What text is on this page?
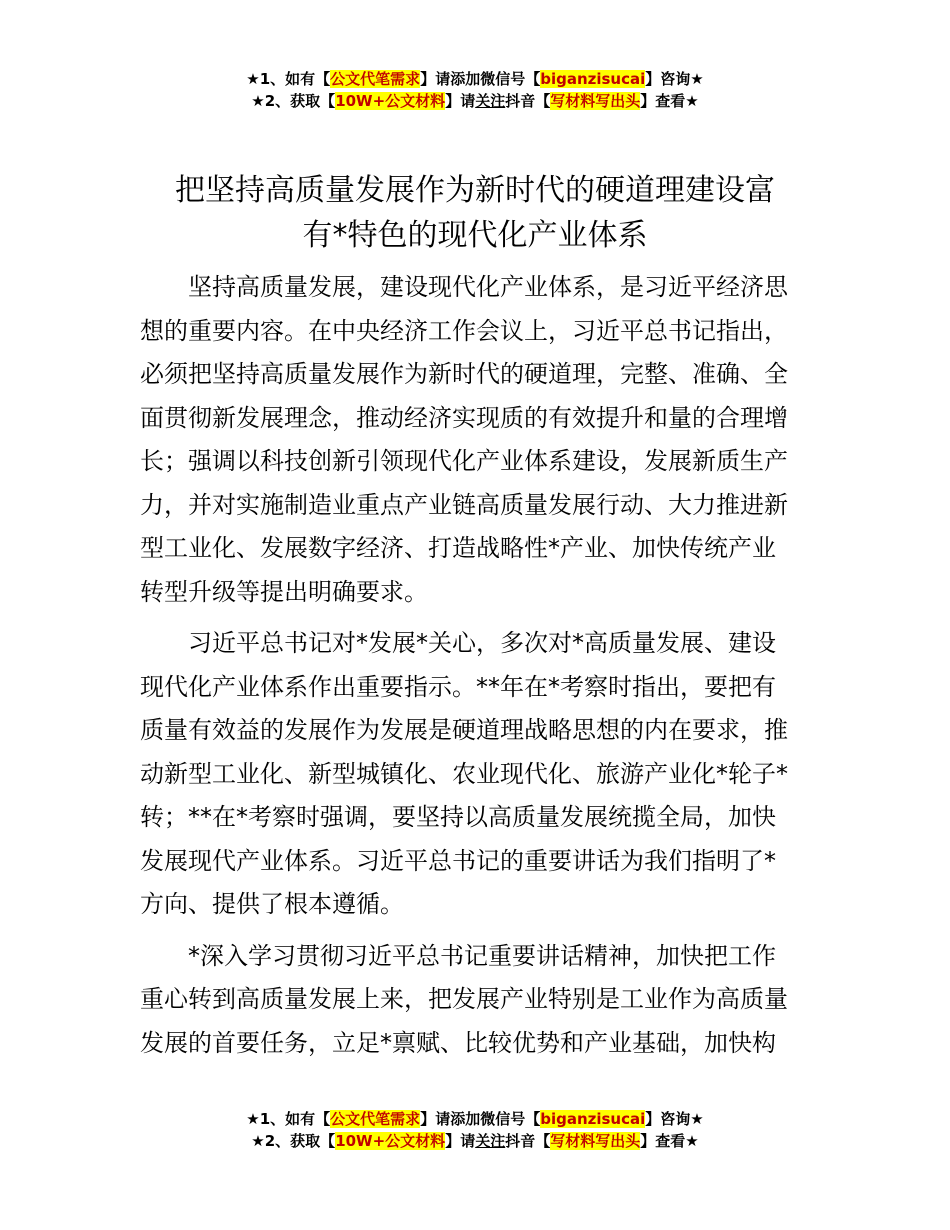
★1、如有【公文代笔需求】请添加微信号【biganzisucai】咨询★
★2、获取【10W+公文材料】请关注抖音【写材料写出头】查看★
把坚持高质量发展作为新时代的硬道理建设富
有*特色的现代化产业体系

坚持高质量发展，建设现代化产业体系，是习近平经济思
想的重要内容。在中央经济工作会议上，习近平总书记指出，
必须把坚持高质量发展作为新时代的硬道理，完整、准确、全
面贯彻新发展理念，推动经济实现质的有效提升和量的合理增
长；强调以科技创新引领现代化产业体系建设，发展新质生产
力，并对实施制造业重点产业链高质量发展行动、大力推进新
型工业化、发展数字经济、打造战略性*产业、加快传统产业
转型升级等提出明确要求。

习近平总书记对*发展*关心，多次对*高质量发展、建设
现代化产业体系作出重要指示。**年在*考察时指出，要把有
质量有效益的发展作为发展是硬道理战略思想的内在要求，推
动新型工业化、新型城镇化、农业现代化、旅游产业化*轮子*
转；**在*考察时强调，要坚持以高质量发展统揽全局，加快
发展现代产业体系。习近平总书记的重要讲话为我们指明了*
方向、提供了根本遵循。

*深入学习贯彻习近平总书记重要讲话精神，加快把工作
重心转到高质量发展上来，把发展产业特别是工业作为高质量
发展的首要任务，立足*禀赋、比较优势和产业基础，加快构

★1、如有【公文代笔需求】请添加微信号【biganzisucai】咨询★
★2、获取【10W+公文材料】请关注抖音【写材料写出头】查看★
